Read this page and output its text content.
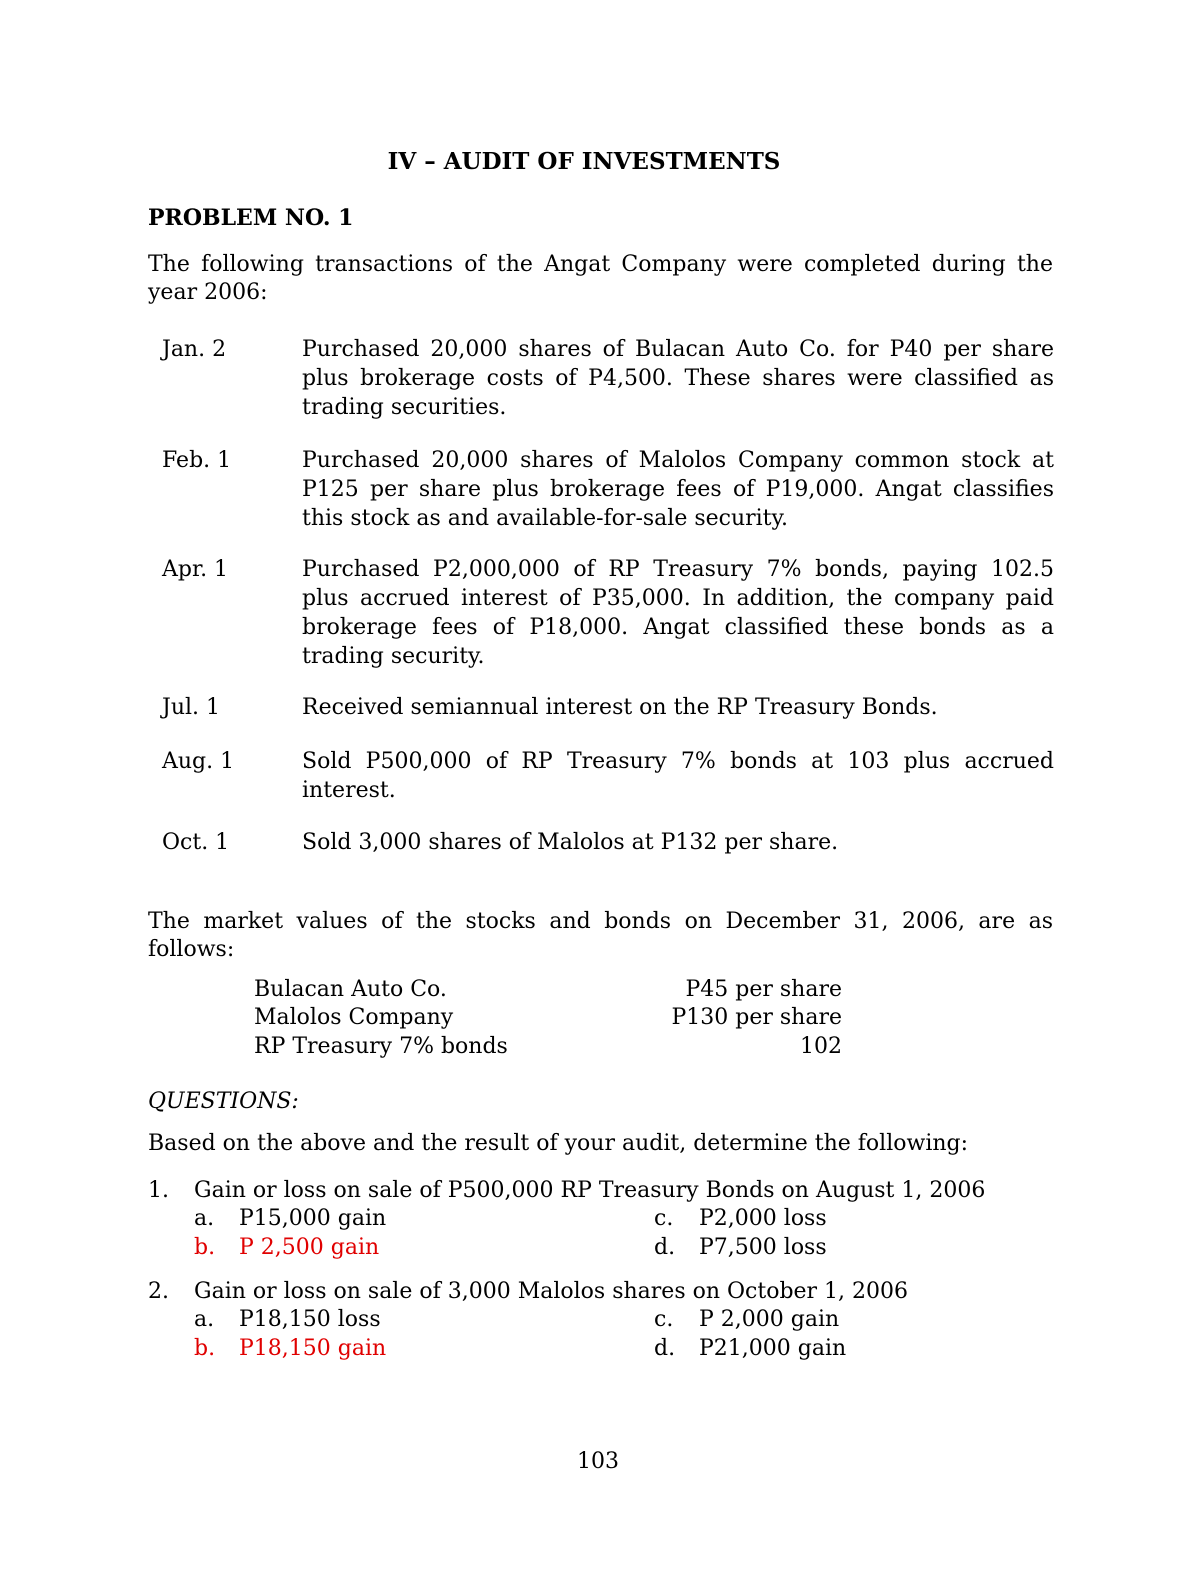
IV – AUDIT OF INVESTMENTS
PROBLEM NO. 1
The following transactions of the Angat Company were completed during the year 2006:
Jan. 2	Purchased 20,000 shares of Bulacan Auto Co. for P40 per share plus brokerage costs of P4,500. These shares were classified as trading securities.
Feb. 1	Purchased 20,000 shares of Malolos Company common stock at P125 per share plus brokerage fees of P19,000. Angat classifies this stock as and available-for-sale security.
Apr. 1	Purchased P2,000,000 of RP Treasury 7% bonds, paying 102.5 plus accrued interest of P35,000. In addition, the company paid brokerage fees of P18,000. Angat classified these bonds as a trading security.
Jul. 1	Received semiannual interest on the RP Treasury Bonds.
Aug. 1	Sold P500,000 of RP Treasury 7% bonds at 103 plus accrued interest.
Oct. 1	Sold 3,000 shares of Malolos at P132 per share.
The market values of the stocks and bonds on December 31, 2006, are as follows:
Bulacan Auto Co.	P45 per share
Malolos Company	P130 per share
RP Treasury 7% bonds	102
QUESTIONS:
Based on the above and the result of your audit, determine the following:
1. Gain or loss on sale of P500,000 RP Treasury Bonds on August 1, 2006
a. P15,000 gain
b. P 2,500 gain
c. P2,000 loss
d. P7,500 loss
2. Gain or loss on sale of 3,000 Malolos shares on October 1, 2006
a. P18,150 loss
b. P18,150 gain
c. P 2,000 gain
d. P21,000 gain
103
